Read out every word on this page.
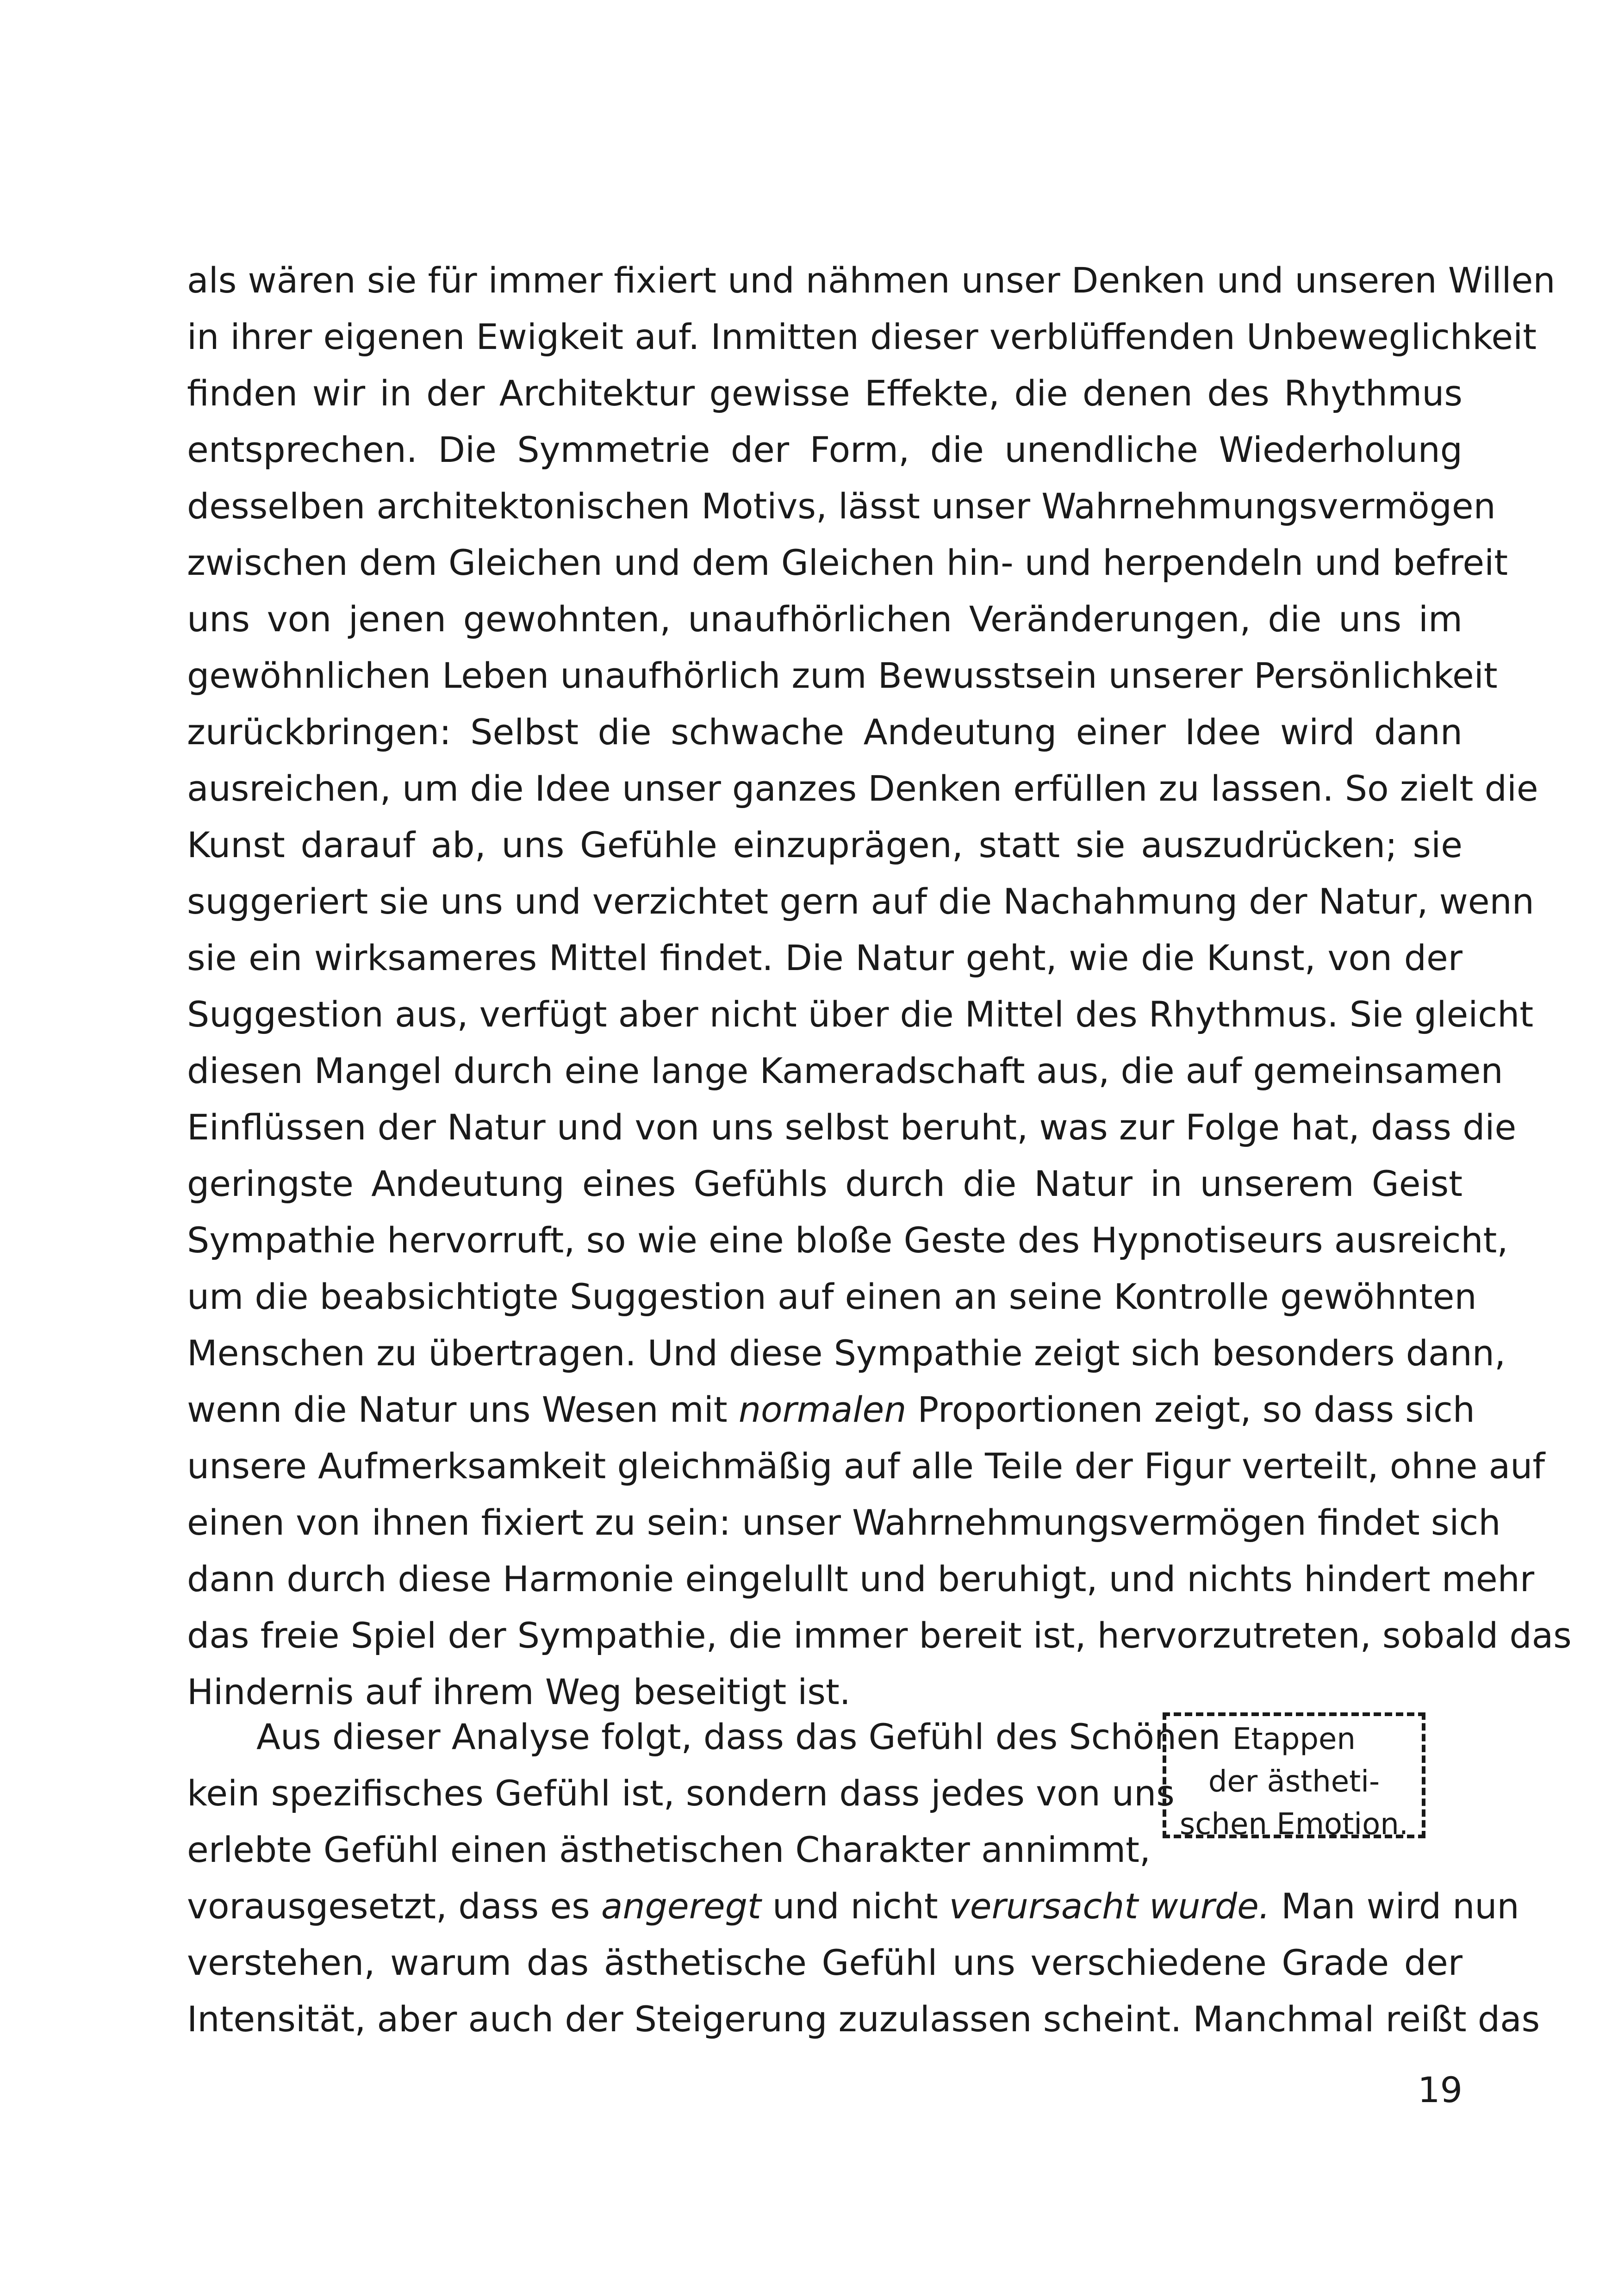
als wären sie für immer fixiert und nähmen unser Denken und unseren Willen
in ihrer eigenen Ewigkeit auf. Inmitten dieser verblüffenden Unbeweglichkeit
finden wir in der Architektur gewisse Effekte, die denen des Rhythmus
entsprechen. Die Symmetrie der Form, die unendliche Wiederholung
desselben architektonischen Motivs, lässt unser Wahrnehmungsvermögen
zwischen dem Gleichen und dem Gleichen hin- und herpendeln und befreit
uns von jenen gewohnten, unaufhörlichen Veränderungen, die uns im
gewöhnlichen Leben unaufhörlich zum Bewusstsein unserer Persönlichkeit
zurückbringen: Selbst die schwache Andeutung einer Idee wird dann
ausreichen, um die Idee unser ganzes Denken erfüllen zu lassen. So zielt die
Kunst darauf ab, uns Gefühle einzuprägen, statt sie auszudrücken; sie
suggeriert sie uns und verzichtet gern auf die Nachahmung der Natur, wenn
sie ein wirksameres Mittel findet. Die Natur geht, wie die Kunst, von der
Suggestion aus, verfügt aber nicht über die Mittel des Rhythmus. Sie gleicht
diesen Mangel durch eine lange Kameradschaft aus, die auf gemeinsamen
Einflüssen der Natur und von uns selbst beruht, was zur Folge hat, dass die
geringste Andeutung eines Gefühls durch die Natur in unserem Geist
Sympathie hervorruft, so wie eine bloße Geste des Hypnotiseurs ausreicht,
um die beabsichtigte Suggestion auf einen an seine Kontrolle gewöhnten
Menschen zu übertragen. Und diese Sympathie zeigt sich besonders dann,
wenn die Natur uns Wesen mit normalen Proportionen zeigt, so dass sich
unsere Aufmerksamkeit gleichmäßig auf alle Teile der Figur verteilt, ohne auf
einen von ihnen fixiert zu sein: unser Wahrnehmungsvermögen findet sich
dann durch diese Harmonie eingelullt und beruhigt, und nichts hindert mehr
das freie Spiel der Sympathie, die immer bereit ist, hervorzutreten, sobald das
Hindernis auf ihrem Weg beseitigt ist.
Aus dieser Analyse folgt, dass das Gefühl des Schönen
kein spezifisches Gefühl ist, sondern dass jedes von uns
erlebte Gefühl einen ästhetischen Charakter annimmt,
vorausgesetzt, dass es angeregt und nicht verursacht wurde. Man wird nun
verstehen, warum das ästhetische Gefühl uns verschiedene Grade der
Intensität, aber auch der Steigerung zuzulassen scheint. Manchmal reißt das
Etappen
der ästheti-
schen Emotion.
19
